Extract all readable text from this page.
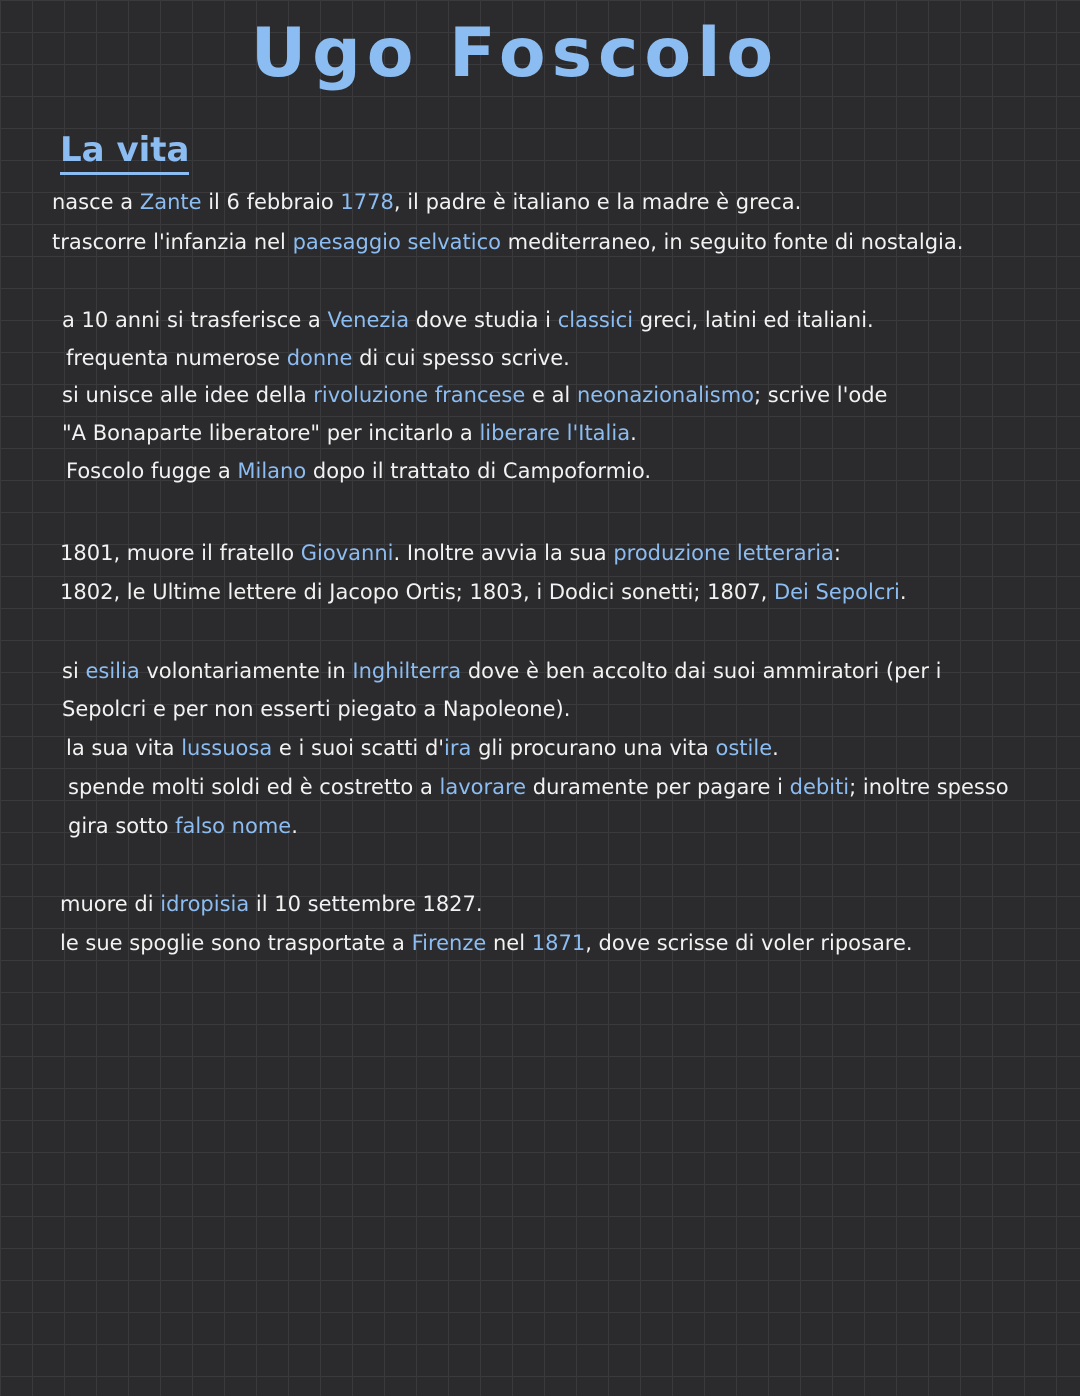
Ugo Foscolo
La vita
nasce a Zante il 6 febbraio 1778, il padre è italiano e la madre è greca.
trascorre l'infanzia nel paesaggio selvatico mediterraneo, in seguito fonte di nostalgia.
a 10 anni si trasferisce a Venezia dove studia i classici greci, latini ed italiani.
frequenta numerose donne di cui spesso scrive.
si unisce alle idee della rivoluzione francese e al neonazionalismo; scrive l'ode
"A Bonaparte liberatore" per incitarlo a liberare l'Italia.
Foscolo fugge a Milano dopo il trattato di Campoformio.
1801, muore il fratello Giovanni. Inoltre avvia la sua produzione letteraria:
1802, le Ultime lettere di Jacopo Ortis; 1803, i Dodici sonetti; 1807, Dei Sepolcri.
si esilia volontariamente in Inghilterra dove è ben accolto dai suoi ammiratori (per i
Sepolcri e per non esserti piegato a Napoleone).
la sua vita lussuosa e i suoi scatti d'ira gli procurano una vita ostile.
spende molti soldi ed è costretto a lavorare duramente per pagare i debiti; inoltre spesso
gira sotto falso nome.
muore di idropisia il 10 settembre 1827.
le sue spoglie sono trasportate a Firenze nel 1871, dove scrisse di voler riposare.
